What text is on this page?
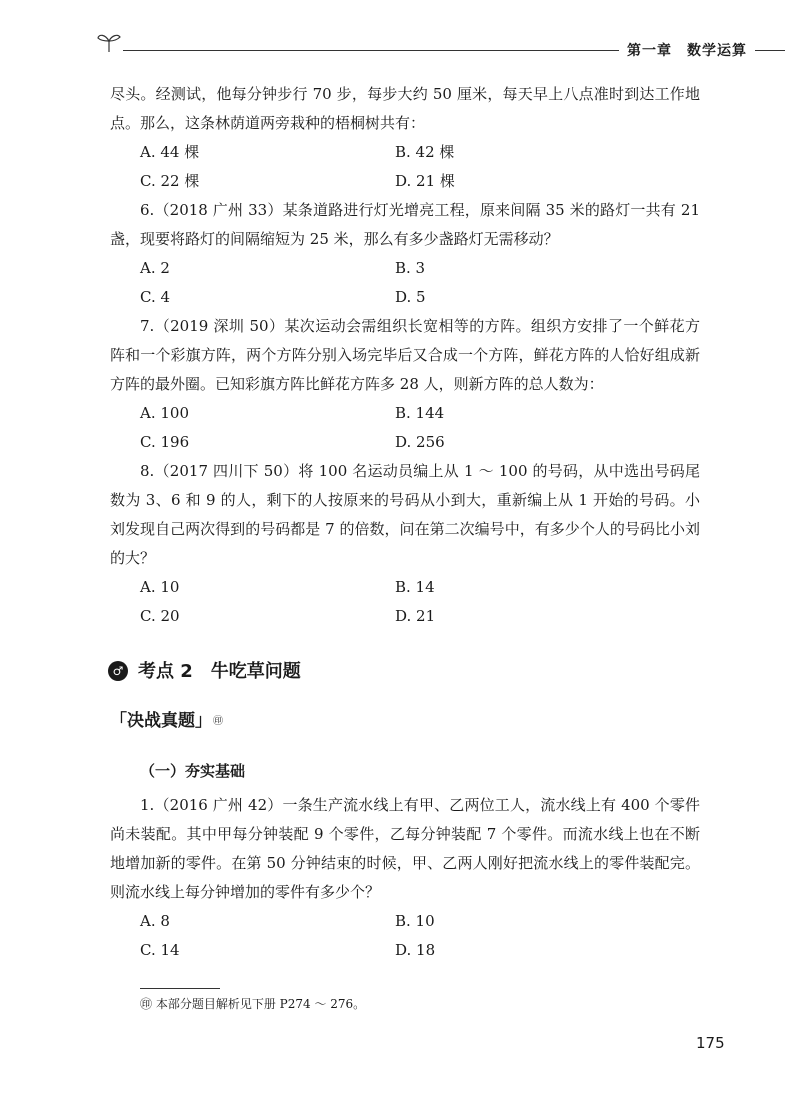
第一章　数学运算

尽头。经测试，他每分钟步行 70 步，每步大约 50 厘米，每天早上八点准时到达工作地点。那么，这条林荫道两旁栽种的梧桐树共有：

A. 44 棵	B. 42 棵
C. 22 棵	D. 21 棵

6.（2018 广州 33）某条道路进行灯光增亮工程，原来间隔 35 米的路灯一共有 21 盏，现要将路灯的间隔缩短为 25 米，那么有多少盏路灯无需移动？

A. 2	B. 3
C. 4	D. 5

7.（2019 深圳 50）某次运动会需组织长宽相等的方阵。组织方安排了一个鲜花方阵和一个彩旗方阵，两个方阵分别入场完毕后又合成一个方阵，鲜花方阵的人恰好组成新方阵的最外圈。已知彩旗方阵比鲜花方阵多 28 人，则新方阵的总人数为：

A. 100	B. 144
C. 196	D. 256

8.（2017 四川下 50）将 100 名运动员编上从 1 ～ 100 的号码，从中选出号码尾数为 3、6 和 9 的人，剩下的人按原来的号码从小到大，重新编上从 1 开始的号码。小刘发现自己两次得到的号码都是 7 的倍数，问在第二次编号中，有多少个人的号码比小刘的大？

A. 10	B. 14
C. 20	D. 21
♂ 考点 2　牛吃草问题
「决战真题」 ㊞
（一）夯实基础

1.（2016 广州 42）一条生产流水线上有甲、乙两位工人，流水线上有 400 个零件尚未装配。其中甲每分钟装配 9 个零件，乙每分钟装配 7 个零件。而流水线上也在不断地增加新的零件。在第 50 分钟结束的时候，甲、乙两人刚好把流水线上的零件装配完。则流水线上每分钟增加的零件有多少个？

A. 8	B. 10
C. 14	D. 18
㊞ 本部分题目解析见下册 P274 ～ 276。
175
